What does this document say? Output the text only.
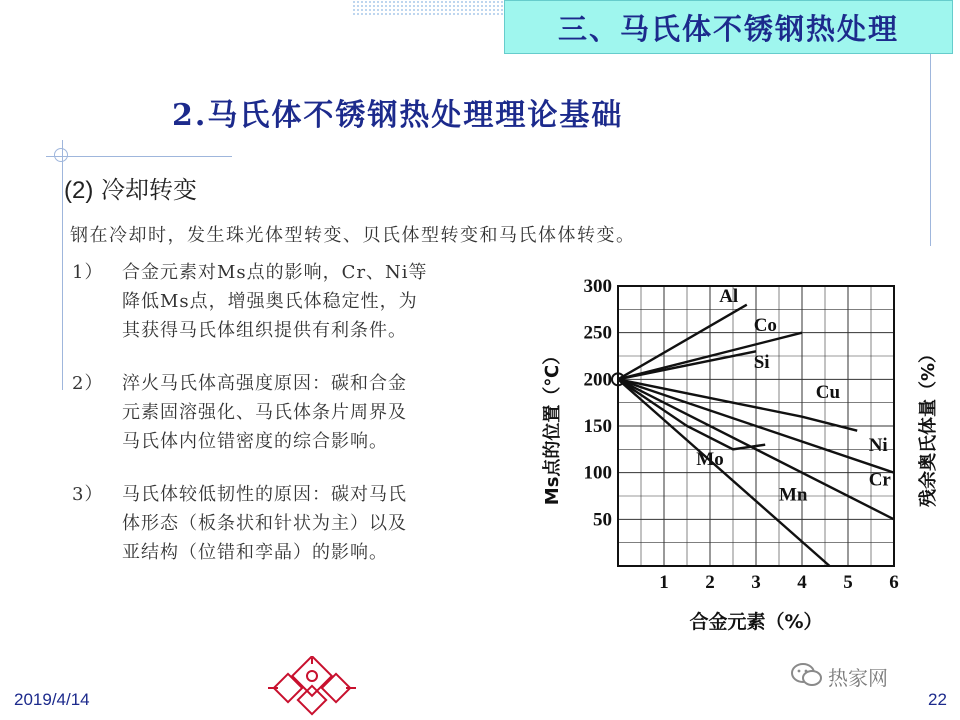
三、马氏体不锈钢热处理
2.马氏体不锈钢热处理理论基础
(2) 冷却转变
钢在冷却时，发生珠光体型转变、贝氏体型转变和马氏体体转变。
1） 合金元素对Ms点的影响，Cr、Ni等
降低Ms点，增强奥氏体稳定性，为
其获得马氏体组织提供有利条件。
2） 淬火马氏体高强度原因：碳和合金
元素固溶强化、马氏体条片周界及
马氏体内位错密度的综合影响。
3） 马氏体较低韧性的原因：碳对马氏
体形态（板条状和针状为主）以及
亚结构（位错和孪晶）的影响。
1 2 3 4 5 6
50
100
150
200
250
300	Al
Co
Si
Cu
Ni
Cr
Mo
Mn
合金元素（%）
Ms点的位置（℃）	残余奥氏体量（%）
热家网
2019/4/14	22
